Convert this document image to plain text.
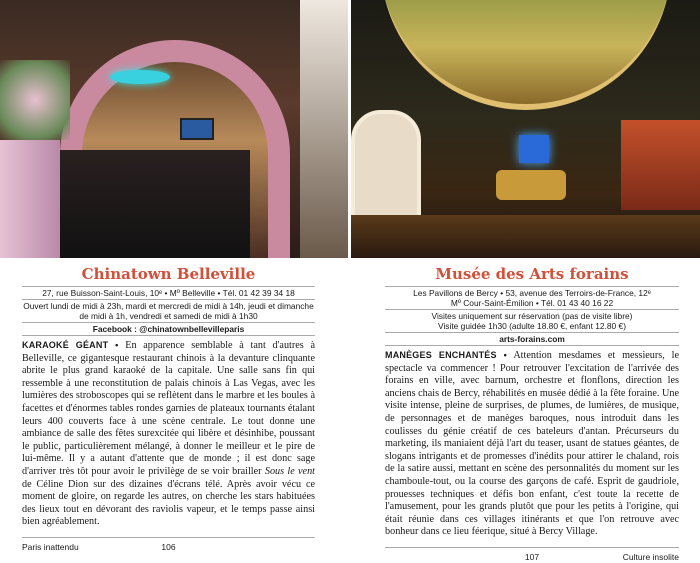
Chinatown Belleville
27, rue Buisson-Saint-Louis, 10ᵉ • Mº Belleville • Tél. 01 42 39 34 18
Ouvert lundi de midi à 23h, mardi et mercredi de midi à 14h, jeudi et dimanche de midi à 1h, vendredi et samedi de midi à 1h30
Facebook : @chinatownbellevilleparis

KARAOKÉ GÉANT • En apparence semblable à tant d'autres à Belleville, ce gigantesque restaurant chinois à la devanture clinquante abrite le plus grand karaoké de la capitale. Une salle sans fin qui ressemble à une reconstitution de palais chinois à Las Vegas, avec les lumières des stroboscopes qui se reflètent dans le marbre et les boules à facettes et d'énormes tables rondes garnies de plateaux tournants étalant leurs 400 couverts face à une scène centrale. Le tout donne une ambiance de salle des fêtes surexcitée qui libère et désinhibe, poussant le public, particulièrement mélangé, à donner le meilleur et le pire de lui-même. Il y a autant d'attente que de monde ; il est donc sage d'arriver très tôt pour avoir le privilège de se voir brailler Sous le vent de Céline Dion sur des dizaines d'écrans télé. Après avoir vécu ce moment de gloire, on regarde les autres, on cherche les stars habituées des lieux tout en dévorant des raviolis vapeur, et le temps passe ainsi bien agréablement.

Paris inattendu	106
Musée des Arts forains
Les Pavillons de Bercy • 53, avenue des Terroirs-de-France, 12ᵉ
Mº Cour-Saint-Émilion • Tél. 01 43 40 16 22
Visites uniquement sur réservation (pas de visite libre)
Visite guidée 1h30 (adulte 18.80 €, enfant 12.80 €)
arts-forains.com

MANÈGES ENCHANTÉS • Attention mesdames et messieurs, le spectacle va commencer ! Pour retrouver l'excitation de l'arrivée des forains en ville, avec barnum, orchestre et flonflons, direction les anciens chais de Bercy, réhabilités en musée dédié à la fête foraine. Une visite intense, pleine de surprises, de plumes, de lumières, de musique, de personnages et de manèges baroques, nous introduit dans les coulisses du génie créatif de ces bateleurs d'antan. Précurseurs du marketing, ils maniaient déjà l'art du teaser, usant de statues géantes, de slogans intrigants et de promesses d'inédits pour attirer le chaland, rois de la satire aussi, mettant en scène des personnalités du moment sur les chamboule-tout, ou la course des garçons de café. Esprit de gaudriole, prouesses techniques et défis bon enfant, c'est toute la recette de l'amusement, pour les grands plutôt que pour les petits à l'origine, qui était réunie dans ces villages itinérants et que l'on retrouve avec bonheur dans ce lieu féerique, situé à Bercy Village.

107	Culture insolite
